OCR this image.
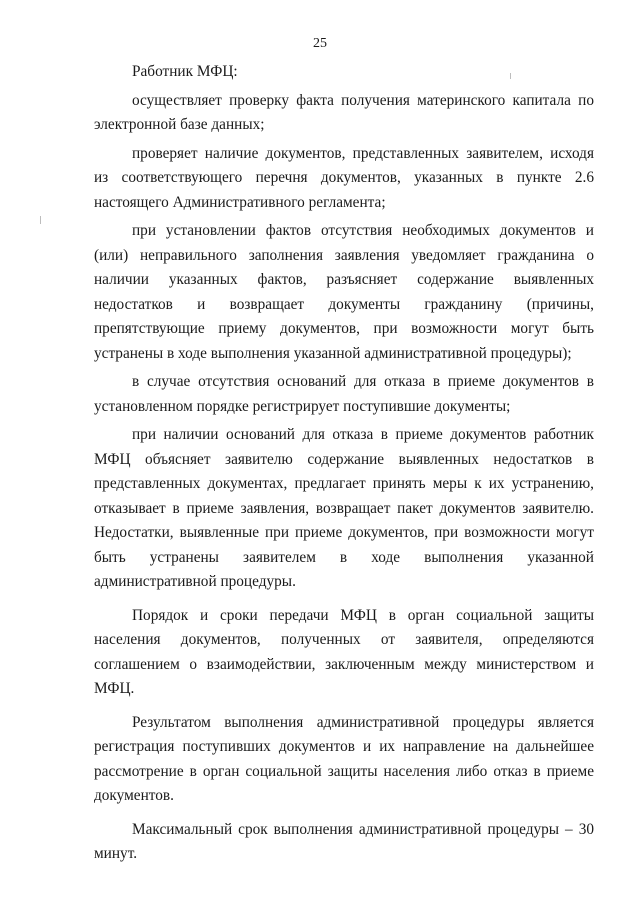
25

Работник МФЦ:

осуществляет проверку факта получения материнского капитала по электронной базе данных;

проверяет наличие документов, представленных заявителем, исходя из соответствующего перечня документов, указанных в пункте 2.6 настоящего Административного регламента;

при установлении фактов отсутствия необходимых документов и (или) неправильного заполнения заявления уведомляет гражданина о наличии указанных фактов, разъясняет содержание выявленных недостатков и возвращает документы гражданину (причины, препятствующие приему документов, при возможности могут быть устранены в ходе выполнения указанной административной процедуры);

в случае отсутствия оснований для отказа в приеме документов в установленном порядке регистрирует поступившие документы;

при наличии оснований для отказа в приеме документов работник МФЦ объясняет заявителю содержание выявленных недостатков в представленных документах, предлагает принять меры к их устранению, отказывает в приеме заявления, возвращает пакет документов заявителю. Недостатки, выявленные при приеме документов, при возможности могут быть устранены заявителем в ходе выполнения указанной административной процедуры.

Порядок и сроки передачи МФЦ в орган социальной защиты населения документов, полученных от заявителя, определяются соглашением о взаимодействии, заключенным между министерством и МФЦ.

Результатом выполнения административной процедуры является регистрация поступивших документов и их направление на дальнейшее рассмотрение в орган социальной защиты населения либо отказ в приеме документов.

Максимальный срок выполнения административной процедуры – 30 минут.
